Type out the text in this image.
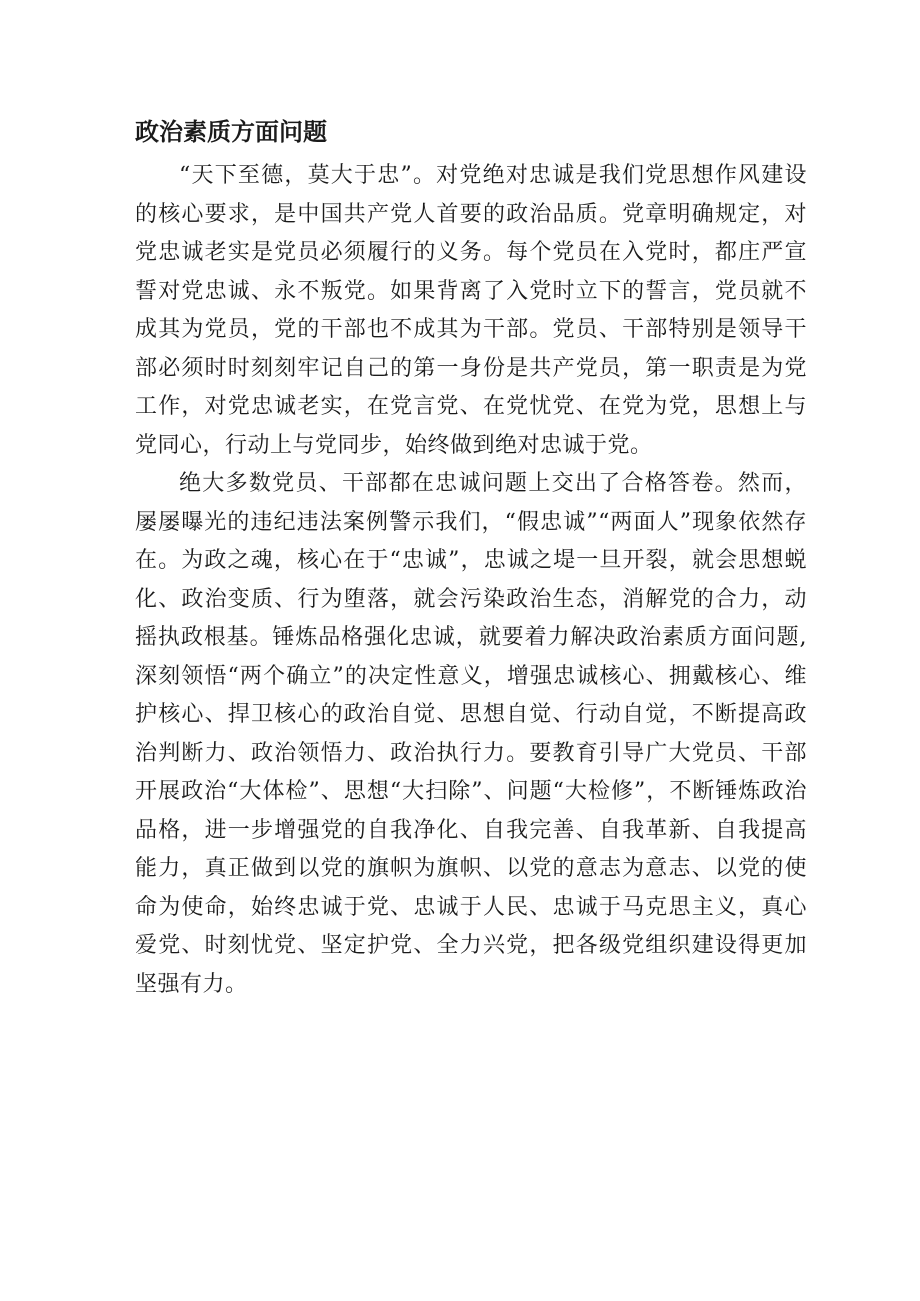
政治素质方面问题

“天下至德，莫大于忠”。对党绝对忠诚是我们党思想作风建设的核心要求，是中国共产党人首要的政治品质。党章明确规定，对党忠诚老实是党员必须履行的义务。每个党员在入党时，都庄严宣誓对党忠诚、永不叛党。如果背离了入党时立下的誓言，党员就不成其为党员，党的干部也不成其为干部。党员、干部特别是领导干部必须时时刻刻牢记自己的第一身份是共产党员，第一职责是为党工作，对党忠诚老实，在党言党、在党忧党、在党为党，思想上与党同心，行动上与党同步，始终做到绝对忠诚于党。

绝大多数党员、干部都在忠诚问题上交出了合格答卷。然而，屡屡曝光的违纪违法案例警示我们，“假忠诚”“两面人”现象依然存在。为政之魂，核心在于“忠诚”，忠诚之堤一旦开裂，就会思想蜕化、政治变质、行为堕落，就会污染政治生态，消解党的合力，动摇执政根基。锤炼品格强化忠诚，就要着力解决政治素质方面问题,深刻领悟“两个确立”的决定性意义，增强忠诚核心、拥戴核心、维护核心、捍卫核心的政治自觉、思想自觉、行动自觉，不断提高政治判断力、政治领悟力、政治执行力。要教育引导广大党员、干部开展政治“大体检”、思想“大扫除”、问题“大检修”，不断锤炼政治品格，进一步增强党的自我净化、自我完善、自我革新、自我提高能力，真正做到以党的旗帜为旗帜、以党的意志为意志、以党的使命为使命，始终忠诚于党、忠诚于人民、忠诚于马克思主义，真心爱党、时刻忧党、坚定护党、全力兴党，把各级党组织建设得更加坚强有力。
